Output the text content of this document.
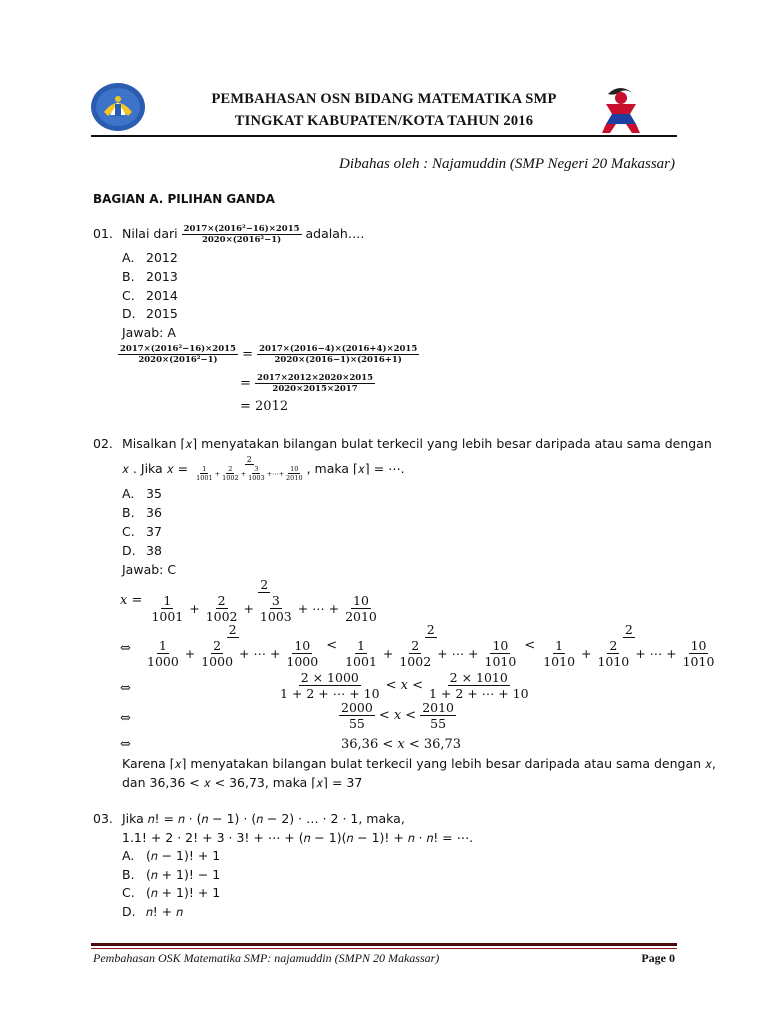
PEMBAHASAN OSN BIDANG MATEMATIKA SMP
TINGKAT KABUPATEN/KOTA TAHUN 2016
Dibahas oleh : Najamuddin (SMP Negeri 20 Makassar)
BAGIAN A. PILIHAN GANDA
01. Nilai dari
$\frac{\text{2017×(2016²−16)×2015}}{\text{2020×(2016²−1)}}$
adalah….
A. 2012
B. 2013
C. 2014
D. 2015
Jawab: A
$\frac{\text{2017×(2016²−16)×2015}}{\text{2020×(2016²−1)}} = \frac{2017\times(2016-4)\times(2016+4)\times 2015}{2020\times(2016-1)\times(2016+1)}$
= $\frac{2017\times 2012\times 2020\times 2015}{2020\times 2015\times 2017}$
= 2012
02. Misalkan ⌈𝑥⌉ menyatakan bilangan bulat terkecil yang lebih besar daripada atau sama dengan
𝑥 . Jika 𝑥 =
$\frac{2}{\frac{1}{1001} + \frac{2}{1002} + \frac{3}{1003} +\cdots+ \frac{10}{2010}}$ , maka ⌈𝑥⌉ = ⋯.
A. 35
B. 36
C. 37
D. 38
Jawab: C
𝑥 =
$\frac{2}{\frac{1}{1001} + \frac{2}{1002} + \frac{3}{1003} + \cdots + \frac{10}{2010}}$
⇔ $\frac{2}{\frac{1}{1000} + \frac{2}{1000} + \cdots + \frac{10}{1000}} < \frac{2}{\frac{1}{1001} + \frac{2}{1002} + \cdots + \frac{10}{1010}} < \frac{2}{\frac{1}{1010} + \frac{2}{1010} + \cdots + \frac{10}{1010}}$
⇔	$\frac{2 \times 1000}{1 + 2 + \cdots + 10}$ < 𝑥 < $\frac{2 \times 1010}{1 + 2 + \cdots + 10}$
⇔	$\frac{2000}{55}$ < 𝑥 < $\frac{2010}{55}$
⇔	36,36 < 𝑥 < 36,73
Karena ⌈𝑥⌉ menyatakan bilangan bulat terkecil yang lebih besar daripada atau sama dengan 𝑥,
dan 36,36 < 𝑥 < 36,73, maka ⌈𝑥⌉ = 37
03. Jika 𝑛! = 𝑛 · (𝑛 − 1) · (𝑛 − 2) · … · 2 · 1, maka,
1.1! + 2 · 2! + 3 · 3! + ⋯ + (𝑛 − 1)(𝑛 − 1)! + 𝑛 · 𝑛! = ⋯.
A. (𝑛 − 1)! + 1
B. (𝑛 + 1)! − 1
C. (𝑛 + 1)! + 1
D. 𝑛! + 𝑛
Pembahasan OSK Matematika SMP: najamuddin (SMPN 20 Makassar)	Page 0
